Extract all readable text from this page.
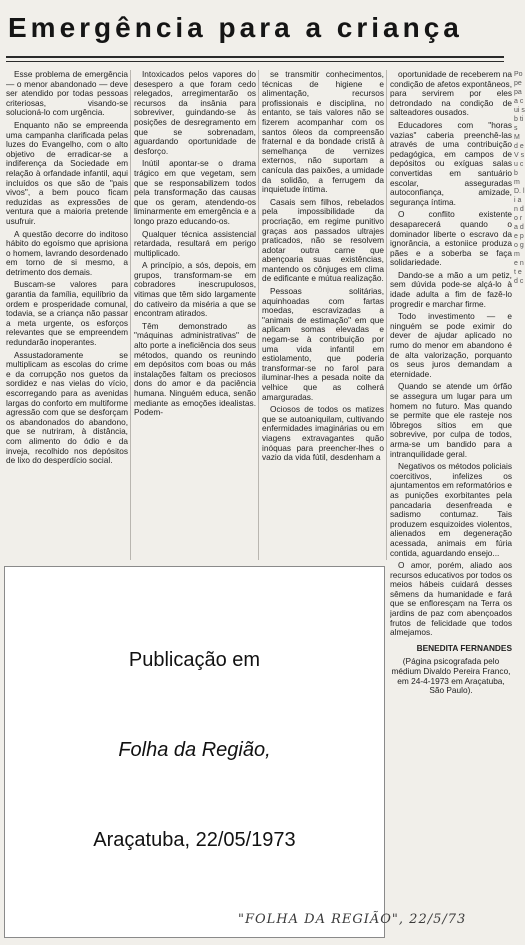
Emergência para a criança

Esse problema de emergência — o menor abandonado — deve ser atendido por todas pessoas criteriosas, visando-se solucioná-lo com urgência.

Enquanto não se empreenda uma campanha clarificada pelas luzes do Evangelho, com o alto objetivo de erradicar-se a indiferença da Sociedade em relação à orfandade infantil, aqui incluídos os que são de "pais vivos", a bem pouco ficam reduzidas as expressões de ventura que a maioria pretende usufruir.

A questão decorre do inditoso hábito do egoísmo que aprisiona o homem, lavrando desordenado em torno de si mesmo, a detrimento dos demais.

Buscam-se valores para garantia da família, equilíbrio da ordem e prosperidade comunal, todavia, se a criança não passar a meta urgente, os esforços relevantes que se empreendem redundarão inoperantes.

Assustadoramente se multiplicam as escolas do crime e da corrupção nos guetos da sordidez e nas vielas do vício, escorregando para as avenidas largas do conforto em multiforme agressão com que se desforçam os abandonados do abandono, que se nutriram, à distância, com alimento do ódio e da inveja, recolhido nos depósitos de lixo do desperdício social.

Intoxicados pelos vapores do desespero a que foram cedo relegados, arregimentarão os recursos da insânia para sobreviver, guindando-se às posições de desregramento em que se sobrenadam, aguardando oportunidade de desforço.

Inútil apontar-se o drama trágico em que vegetam, sem que se responsabilizem todos pela transformação das causas que os geram, atendendo-os liminarmente em emergência e a longo prazo educando-os.

Qualquer técnica assistencial retardada, resultará em perigo multiplicado.

A princípio, a sós, depois, em grupos, transformam-se em cobradores inescrupulosos, vitimas que têm sido largamente do cativeiro da miséria a que se encontram atirados.

Têm demonstrado as "máquinas administrativas" de alto porte a ineficiência dos seus métodos, quando os reunindo em depósitos com boas ou más instalações faltam os preciosos dons do amor e da paciência humana. Ninguém educa, senão mediante as emoções idealistas. Podem-

se transmitir conhecimentos, técnicas de higiene e alimentação, recursos profissionais e disciplina, no entanto, se tais valores não se fizerem acompanhar com os santos óleos da compreensão fraternal e da bondade cristã à semelhança de vernizes externos, não suportam a canícula das paixões, a umidade da solidão, a ferrugem da inquietude íntima.

Casais sem filhos, rebelados pela impossibilidade da procriação, em regime punitivo graças aos passados ultrajes praticados, não se resolvem adotar outra carne que abençoaria suas existências, mantendo os cônjuges em clima de edificante e mútua realização.

Pessoas solitárias, aquinhoadas com fartas moedas, escravizadas a "animais de estimação" em que aplicam somas elevadas e negam-se à contribuição por uma vida infantil em estiolamento, que poderia transformar-se no farol para iluminar-lhes a pesada noite da velhice que as colherá amarguradas.

Ociosos de todos os matizes que se autoaniquilam, cultivando enfermidades imaginárias ou em viagens extravagantes quão inóquas para preencher-lhes o vazio da vida fútil, desdenham a

oportunidade de receberem na condição de afetos expontâneos, para servirem por eles detrondado na condição de salteadores ousados.

Educadores com "horas vazias" caberia preenchê-las através de uma contribuição pedagógica, em campos de depósitos ou exíguas salas convertidas em santuário escolar, asseguradas autoconfiança, amizade, segurança íntima.

O conflito existente desaparecerá quando o dominador liberte o escravo da ignorância, a estoniice produza pães e a soberba se faça solidariedade.

Dando-se a mão a um petiz, sem dúvida pode-se alçá-lo à idade adulta a fim de fazê-lo progredir e marchar firme.

Todo investimento — e ninguém se pode eximir do dever de ajudar aplicado no rumo do menor em abandono é de alta valorização, porquanto os seus juros demandam a eternidade.

Quando se atende um órfão se assegura um lugar para um homem no futuro. Mas quando se permite que ele rasteje nos lôbregos sítios em que sobrevive, por culpa de todos, arma-se um bandido para a intranquilidade geral.

Negativos os métodos policiais coercitivos, infelizes os ajuntamentos em reformatórios e as punições exorbitantes pela pancadaria desenfreada e sadismo contumaz. Tais produzem esquizoides violentos, alienados em degeneração acessada, animais em fúria contida, aguardando ensejo...

O amor, porém, aliado aos recursos educativos por todos os meios hábeis cuidará desses sêmens da humanidade e fará que se enfloresçam na Terra os jardins de paz com abençoados frutos de felicidade que todos almejamos.

BENEDITA FERNANDES

(Página psicografada pelo médium Divaldo Pereira Franco, em 24-4-1973 em Araçatuba, São Paulo).

Po pe pa a c ui s b ti s M d e V s u c b m D. l i a n d o r a d e p o g m e n t e d c
Publicação em
Folha da Região,
Araçatuba, 22/05/1973
"FOLHA DA REGIÃO", 22/5/73
